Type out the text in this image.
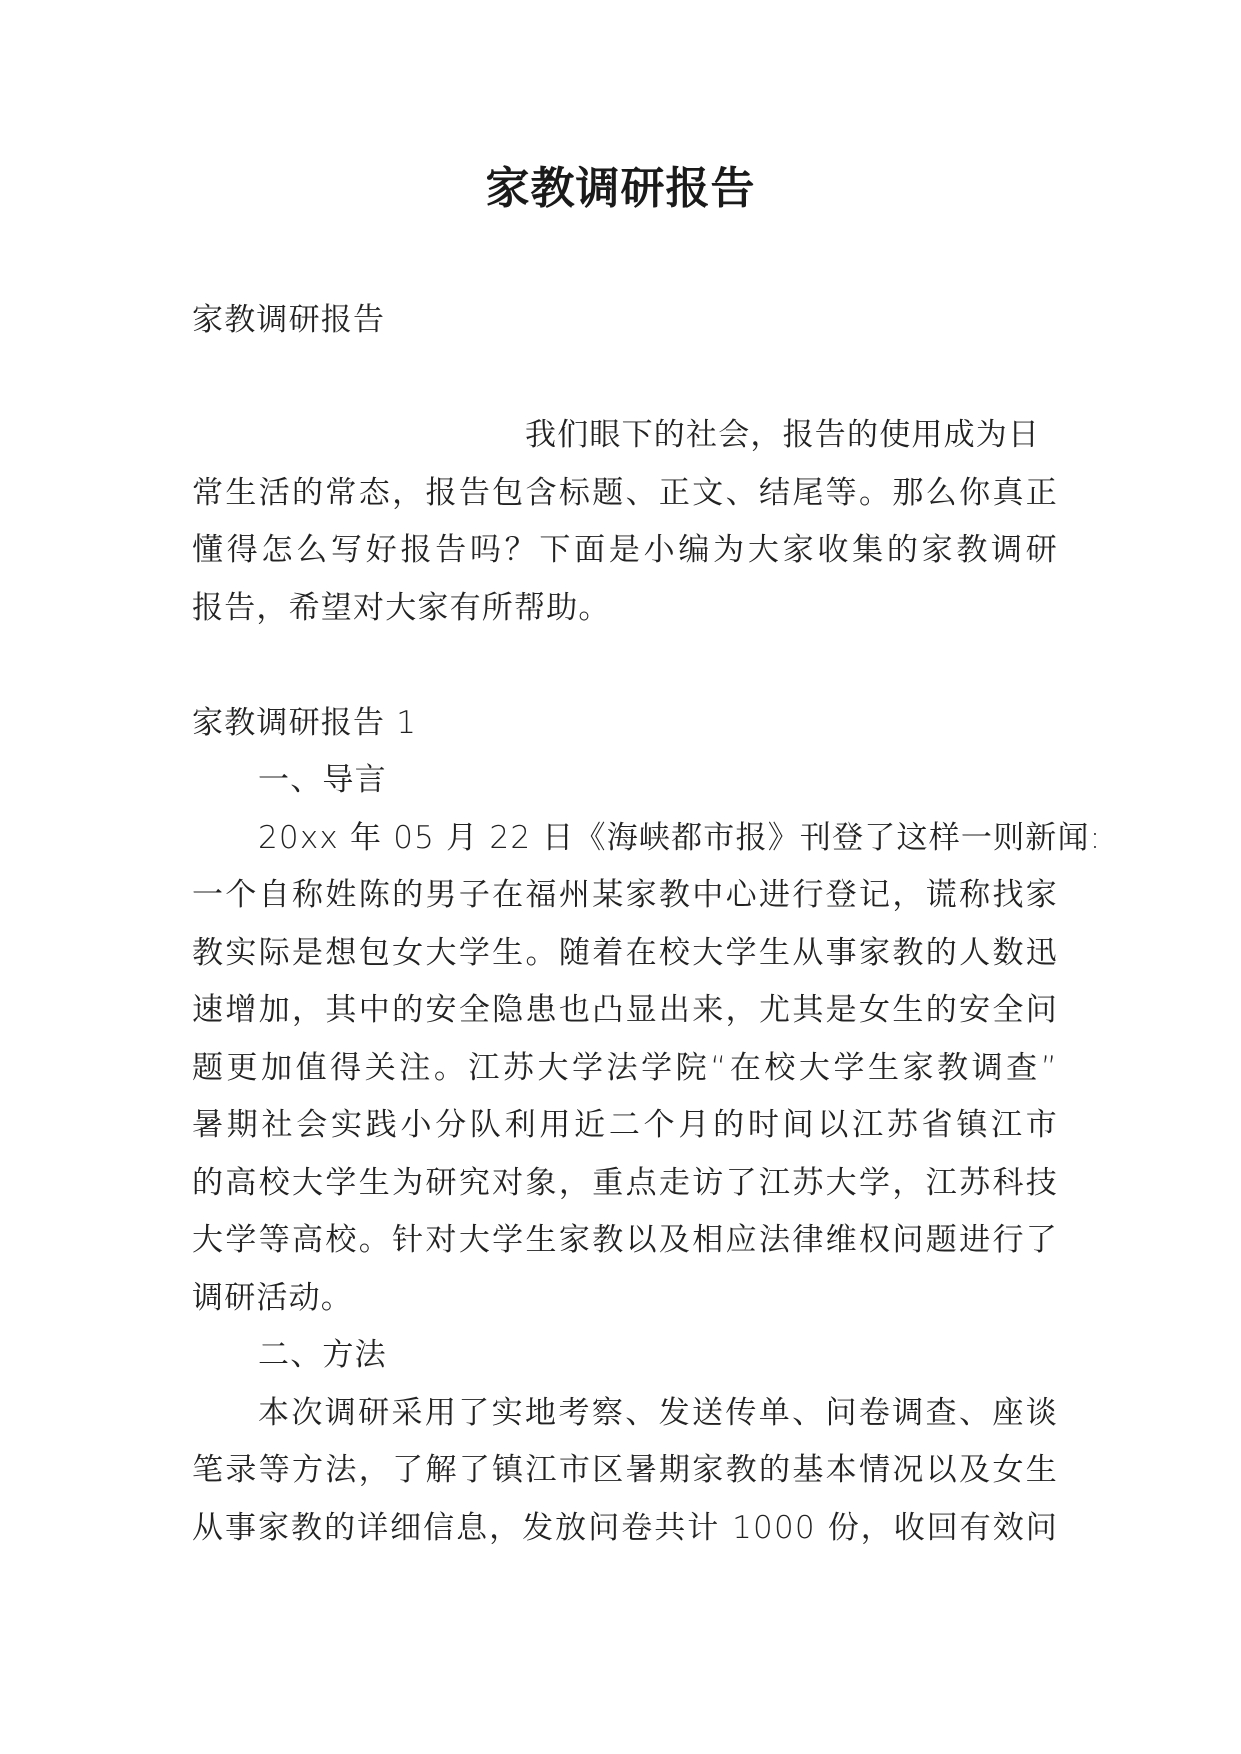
家教调研报告
家教调研报告
我们眼下的社会，报告的使用成为日
常生活的常态，报告包含标题、正文、结尾等。那么你真正
懂得怎么写好报告吗？下面是小编为大家收集的家教调研
报告，希望对大家有所帮助。
家教调研报告 1
一、导言
20xx 年 05 月 22 日《海峡都市报》刊登了这样一则新闻:
一个自称姓陈的男子在福州某家教中心进行登记，谎称找家
教实际是想包女大学生。随着在校大学生从事家教的人数迅
速增加，其中的安全隐患也凸显出来，尤其是女生的安全问
题更加值得关注。江苏大学法学院“在校大学生家教调查”
暑期社会实践小分队利用近二个月的时间以江苏省镇江市
的高校大学生为研究对象，重点走访了江苏大学，江苏科技
大学等高校。针对大学生家教以及相应法律维权问题进行了
调研活动。
二、方法
本次调研采用了实地考察、发送传单、问卷调查、座谈
笔录等方法，了解了镇江市区暑期家教的基本情况以及女生
从事家教的详细信息，发放问卷共计 1000 份，收回有效问
